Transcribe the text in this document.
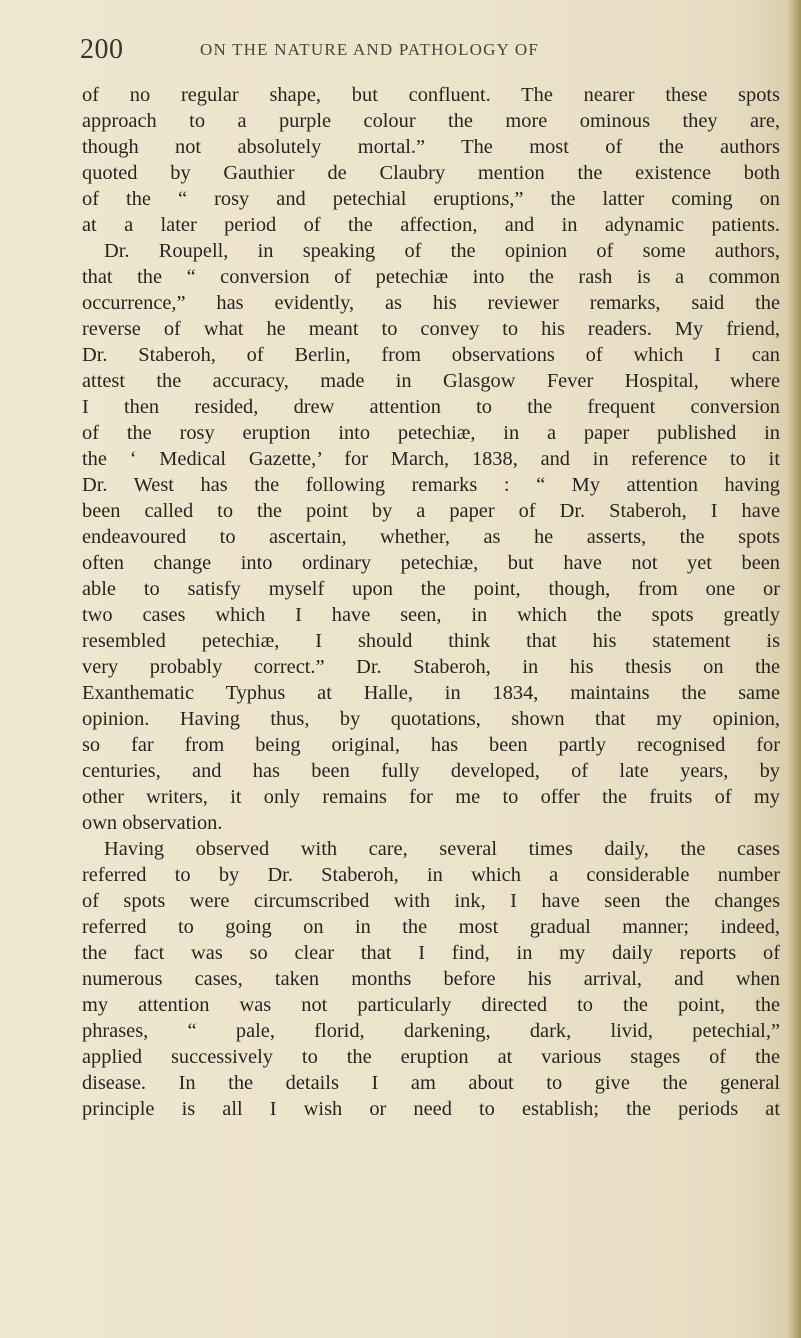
200	ON THE NATURE AND PATHOLOGY OF
of no regular shape, but confluent. The nearer these spots
approach to a purple colour the more ominous they are,
though not absolutely mortal.” The most of the authors
quoted by Gauthier de Claubry mention the existence both
of the “ rosy and petechial eruptions,” the latter coming on
at a later period of the affection, and in adynamic patients.
Dr. Roupell, in speaking of the opinion of some authors,
that the “ conversion of petechiæ into the rash is a common
occurrence,” has evidently, as his reviewer remarks, said the
reverse of what he meant to convey to his readers. My friend,
Dr. Staberoh, of Berlin, from observations of which I can
attest the accuracy, made in Glasgow Fever Hospital, where
I then resided, drew attention to the frequent conversion
of the rosy eruption into petechiæ, in a paper published in
the ‘ Medical Gazette,’ for March, 1838, and in reference to it
Dr. West has the following remarks : “ My attention having
been called to the point by a paper of Dr. Staberoh, I have
endeavoured to ascertain, whether, as he asserts, the spots
often change into ordinary petechiæ, but have not yet been
able to satisfy myself upon the point, though, from one or
two cases which I have seen, in which the spots greatly
resembled petechiæ, I should think that his statement is
very probably correct.” Dr. Staberoh, in his thesis on the
Exanthematic Typhus at Halle, in 1834, maintains the same
opinion. Having thus, by quotations, shown that my opinion,
so far from being original, has been partly recognised for
centuries, and has been fully developed, of late years, by
other writers, it only remains for me to offer the fruits of my
own observation.
Having observed with care, several times daily, the cases
referred to by Dr. Staberoh, in which a considerable number
of spots were circumscribed with ink, I have seen the changes
referred to going on in the most gradual manner; indeed,
the fact was so clear that I find, in my daily reports of
numerous cases, taken months before his arrival, and when
my attention was not particularly directed to the point, the
phrases, “ pale, florid, darkening, dark, livid, petechial,”
applied successively to the eruption at various stages of the
disease. In the details I am about to give the general
principle is all I wish or need to establish; the periods at
